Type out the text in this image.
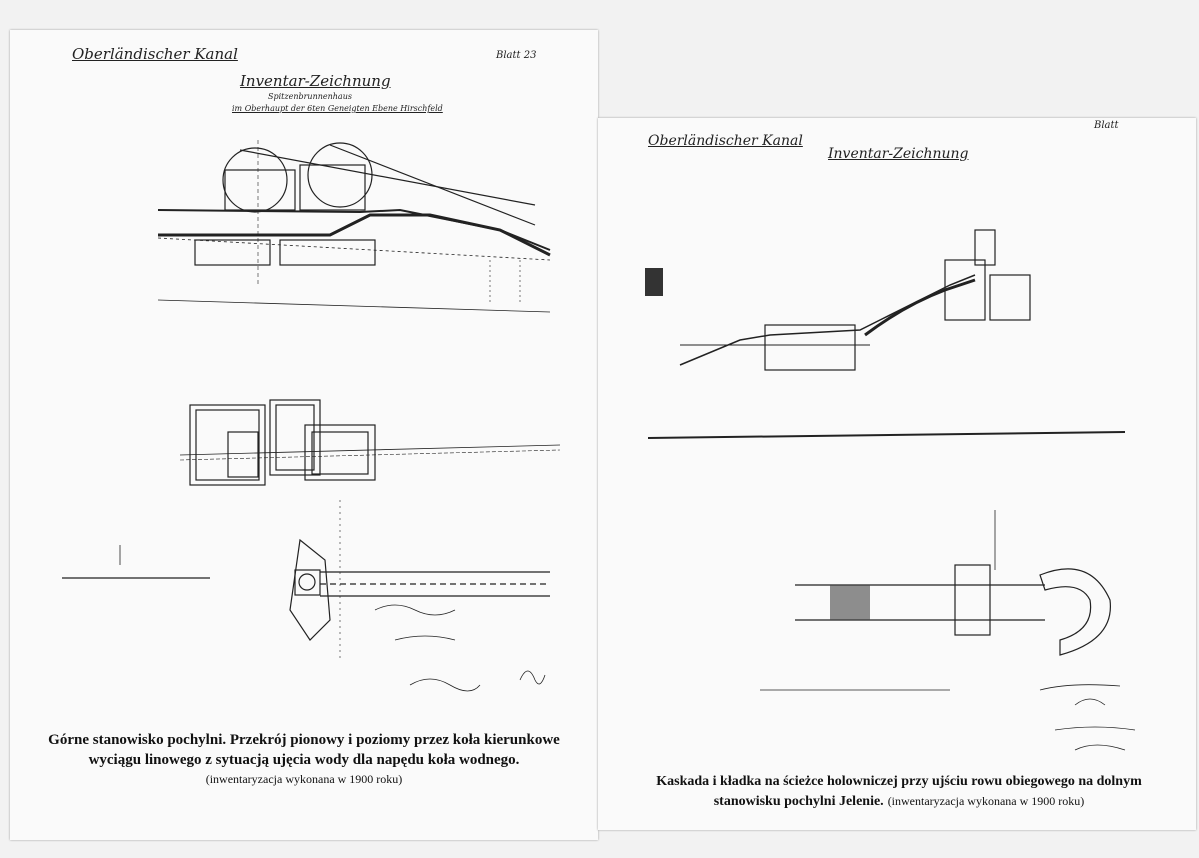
Oberländischer Kanal	Blatt 23
Inventar-Zeichnung
Spitzenbrunnenhaus
im Oberhaupt der 6ten Geneigten Ebene Hirschfeld
Oberländischer Kanal
Blatt
Inventar-Zeichnung
Górne stanowisko pochylni. Przekrój pionowy i poziomy przez koła kierunkowe
wyciągu linowego z sytuacją ujęcia wody dla napędu koła wodnego.
(inwentaryzacja wykonana w 1900 roku)	Kaskada i kładka na ścieżce holowniczej przy ujściu rowu obiegowego na dolnym
stanowisku pochylni Jelenie. (inwentaryzacja wykonana w 1900 roku)
